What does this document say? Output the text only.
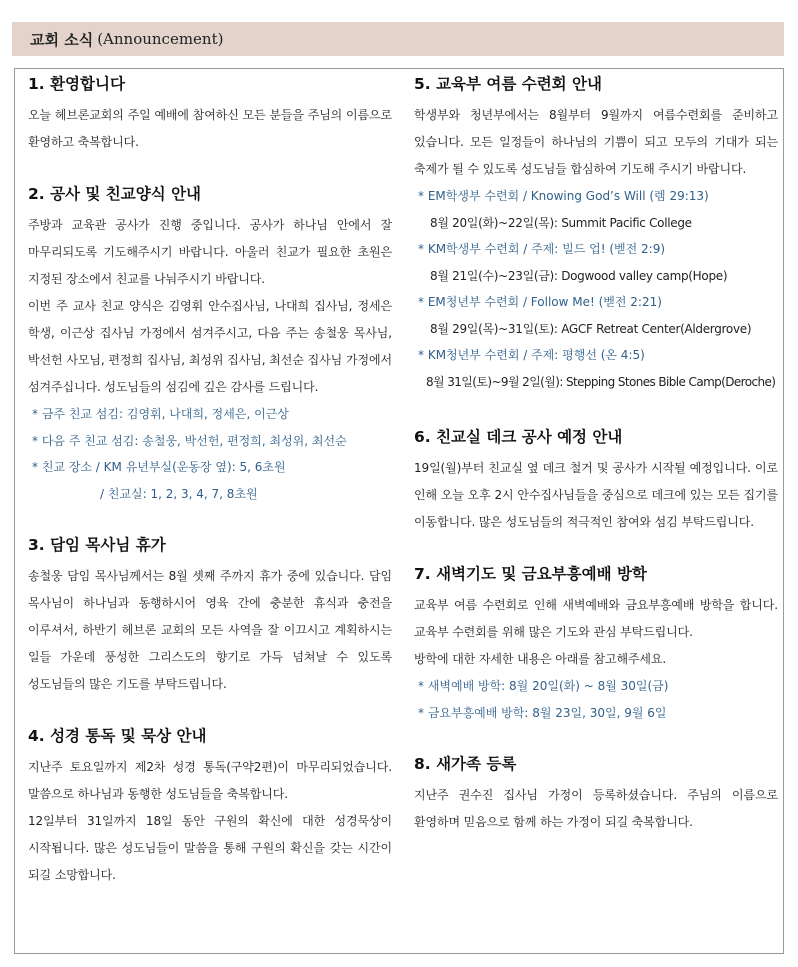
교회 소식 (Announcement)
1. 환영합니다

오늘 헤브론교회의 주일 예배에 참여하신 모든 분들을 주님의 이름으로 환영하고 축복합니다.

2. 공사 및 친교양식 안내

주방과 교육관 공사가 진행 중입니다. 공사가 하나님 안에서 잘 마무리되도록 기도해주시기 바랍니다. 아울러 친교가 필요한 초원은 지정된 장소에서 친교를 나눠주시기 바랍니다.

이번 주 교사 친교 양식은 김영휘 안수집사님, 나대희 집사님, 정세은 학생, 이근상 집사님 가정에서 섬겨주시고, 다음 주는 송철웅 목사님, 박선헌 사모님, 편정희 집사님, 최성위 집사님, 최선순 집사님 가정에서 섬겨주십니다. 성도님들의 섬김에 깊은 감사를 드립니다.

* 금주 친교 섬김: 김영휘, 나대희, 정세은, 이근상
* 다음 주 친교 섬김: 송철웅, 박선헌, 편정희, 최성위, 최선순
* 친교 장소 / KM 유년부실(운동장 옆): 5, 6초원
/ 친교실: 1, 2, 3, 4, 7, 8초원
3. 담임 목사님 휴가

송철웅 담임 목사님께서는 8월 셋째 주까지 휴가 중에 있습니다. 담임 목사님이 하나님과 동행하시어 영육 간에 충분한 휴식과 충전을 이루셔서, 하반기 헤브론 교회의 모든 사역을 잘 이끄시고 계획하시는 일들 가운데 풍성한 그리스도의 향기로 가득 넘쳐날 수 있도록 성도님들의 많은 기도를 부탁드립니다.

4. 성경 통독 및 묵상 안내

지난주 토요일까지 제2차 성경 통독(구약2편)이 마무리되었습니다. 말씀으로 하나님과 동행한 성도님들을 축복합니다.

12일부터 31일까지 18일 동안 구원의 확신에 대한 성경묵상이 시작됩니다. 많은 성도님들이 말씀을 통해 구원의 확신을 갖는 시간이 되길 소망합니다.

5. 교육부 여름 수련회 안내

학생부와 청년부에서는 8월부터 9월까지 여름수련회를 준비하고 있습니다. 모든 일정들이 하나님의 기쁨이 되고 모두의 기대가 되는 축제가 될 수 있도록 성도님들 합심하여 기도해 주시기 바랍니다.

* EM학생부 수련회 / Knowing God’s Will (렘 29:13)
8월 20일(화)~22일(목): Summit Pacific College
* KM학생부 수련회 / 주제: 빌드 업! (벧전 2:9)
8월 21일(수)~23일(금): Dogwood valley camp(Hope)
* EM청년부 수련회 / Follow Me! (벧전 2:21)
8월 29일(목)~31일(토): AGCF Retreat Center(Aldergrove)
* KM청년부 수련회 / 주제: 평행선 (온 4:5)
8월 31일(토)~9월 2일(월): Stepping Stones Bible Camp(Deroche)
6. 친교실 데크 공사 예정 안내

19일(월)부터 친교실 옆 데크 철거 및 공사가 시작될 예정입니다. 이로 인해 오늘 오후 2시 안수집사님들을 중심으로 데크에 있는 모든 집기를 이동합니다. 많은 성도님들의 적극적인 참여와 섬김 부탁드립니다.

7. 새벽기도 및 금요부흥예배 방학

교육부 여름 수련회로 인해 새벽예배와 금요부흥예배 방학을 합니다. 교육부 수련회를 위해 많은 기도와 관심 부탁드립니다.

방학에 대한 자세한 내용은 아래를 참고해주세요.

* 새벽예배 방학: 8월 20일(화) ~ 8월 30일(금)
* 금요부흥예배 방학: 8월 23일, 30일, 9월 6일
8. 새가족 등록

지난주 권수진 집사님 가정이 등록하셨습니다. 주님의 이름으로 환영하며 믿음으로 함께 하는 가정이 되길 축복합니다.
